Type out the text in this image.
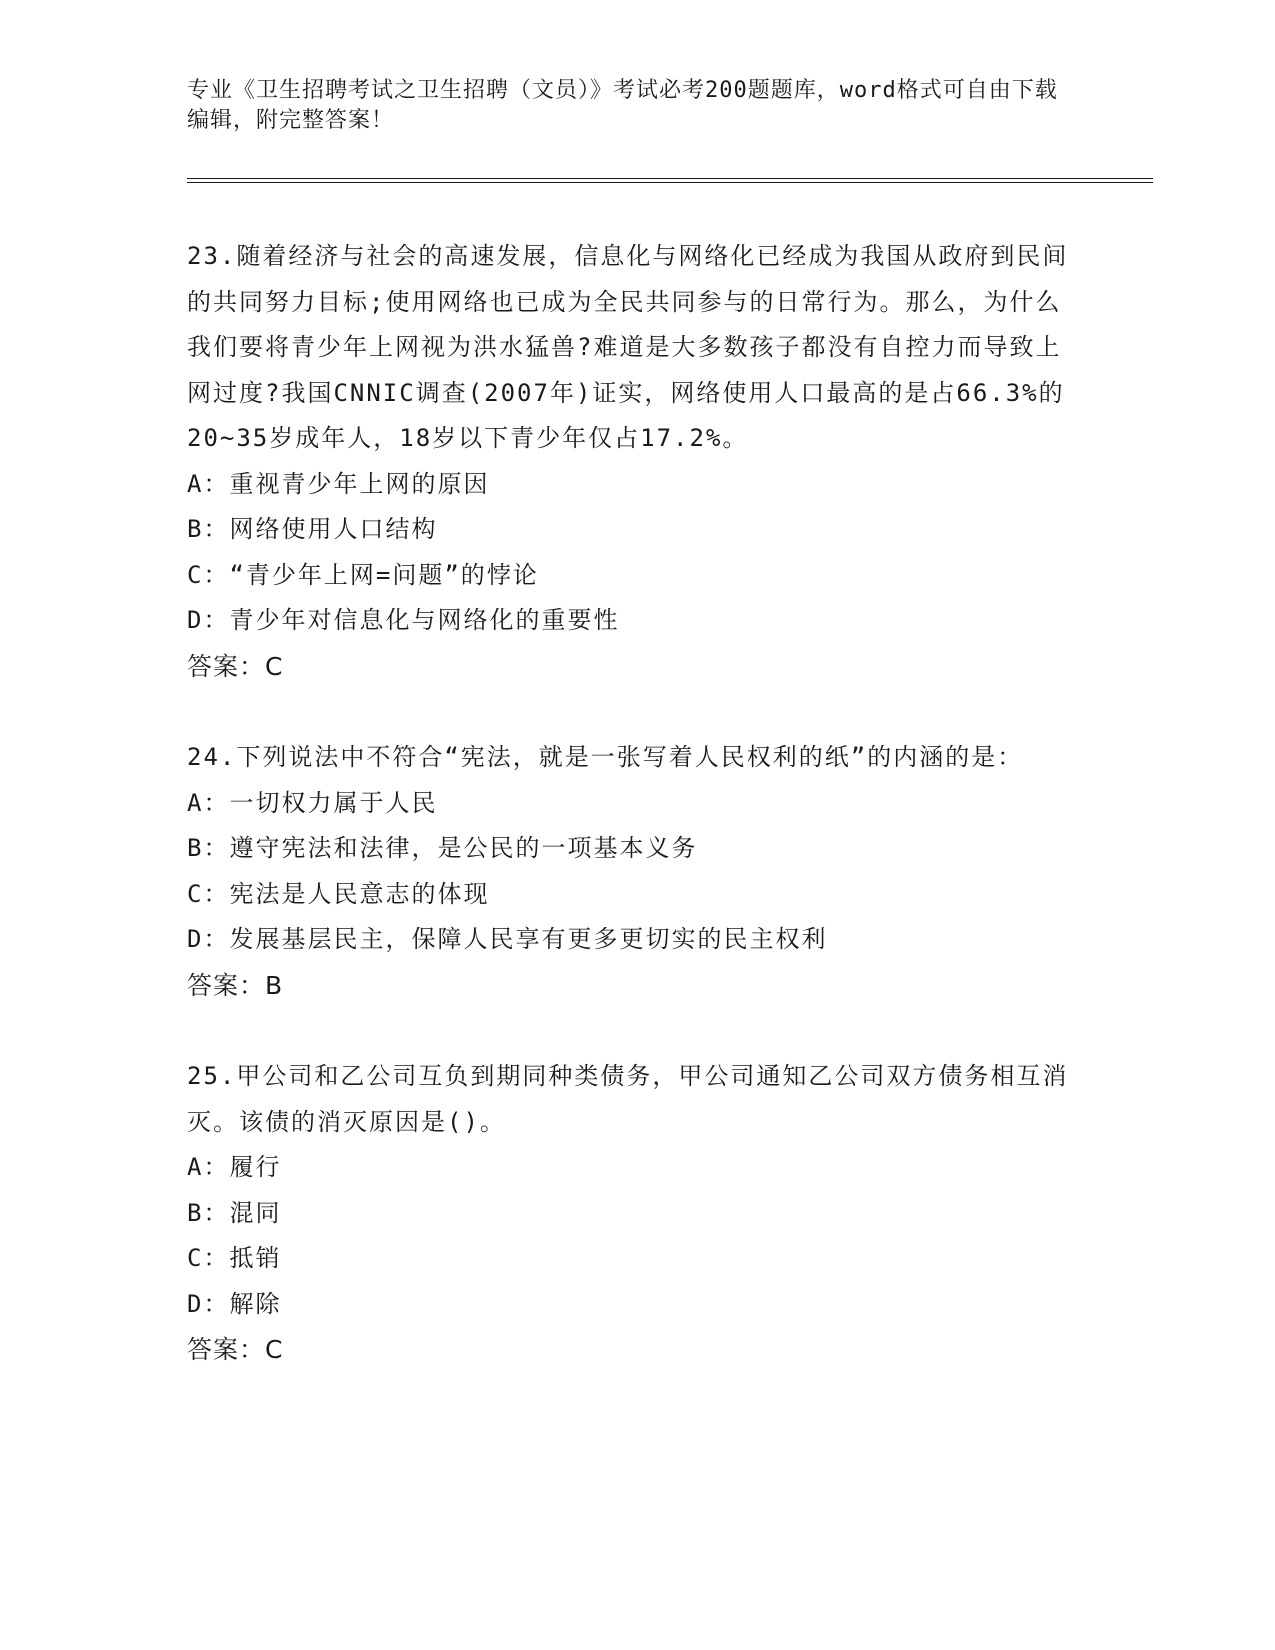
专业《卫生招聘考试之卫生招聘（文员）》考试必考200题题库，word格式可自由下载编辑，附完整答案！

23.随着经济与社会的高速发展，信息化与网络化已经成为我国从政府到民间的共同努力目标;使用网络也已成为全民共同参与的日常行为。那么，为什么我们要将青少年上网视为洪水猛兽?难道是大多数孩子都没有自控力而导致上网过度?我国CNNIC调查(2007年)证实，网络使用人口最高的是占66.3%的20~35岁成年人，18岁以下青少年仅占17.2%。

A：重视青少年上网的原因

B：网络使用人口结构

C：“青少年上网=问题”的悖论

D：青少年对信息化与网络化的重要性

答案：C

24.下列说法中不符合“宪法，就是一张写着人民权利的纸”的内涵的是：

A：一切权力属于人民

B：遵守宪法和法律，是公民的一项基本义务

C：宪法是人民意志的体现

D：发展基层民主，保障人民享有更多更切实的民主权利

答案：B

25.甲公司和乙公司互负到期同种类债务，甲公司通知乙公司双方债务相互消灭。该债的消灭原因是()。

A：履行

B：混同

C：抵销

D：解除

答案：C
